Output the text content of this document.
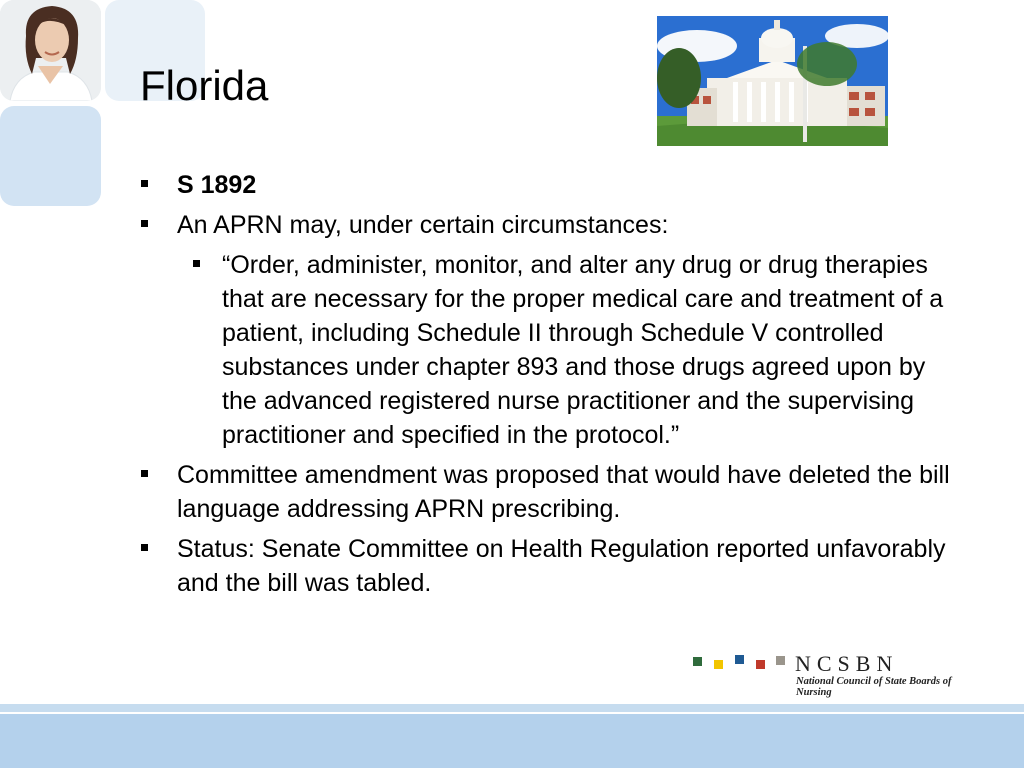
Florida
S 1892
An APRN may, under certain circumstances:
“Order, administer, monitor, and alter any drug or drug therapies that are necessary for the proper medical care and treatment of a patient, including Schedule II through Schedule V controlled substances under chapter 893 and those drugs agreed upon by the advanced registered nurse practitioner and the supervising practitioner and specified in the protocol.”
Committee amendment was proposed that would have deleted the bill language addressing APRN prescribing.
Status: Senate Committee on Health Regulation reported unfavorably and the bill was tabled.
NCSBN
National Council of State Boards of Nursing
